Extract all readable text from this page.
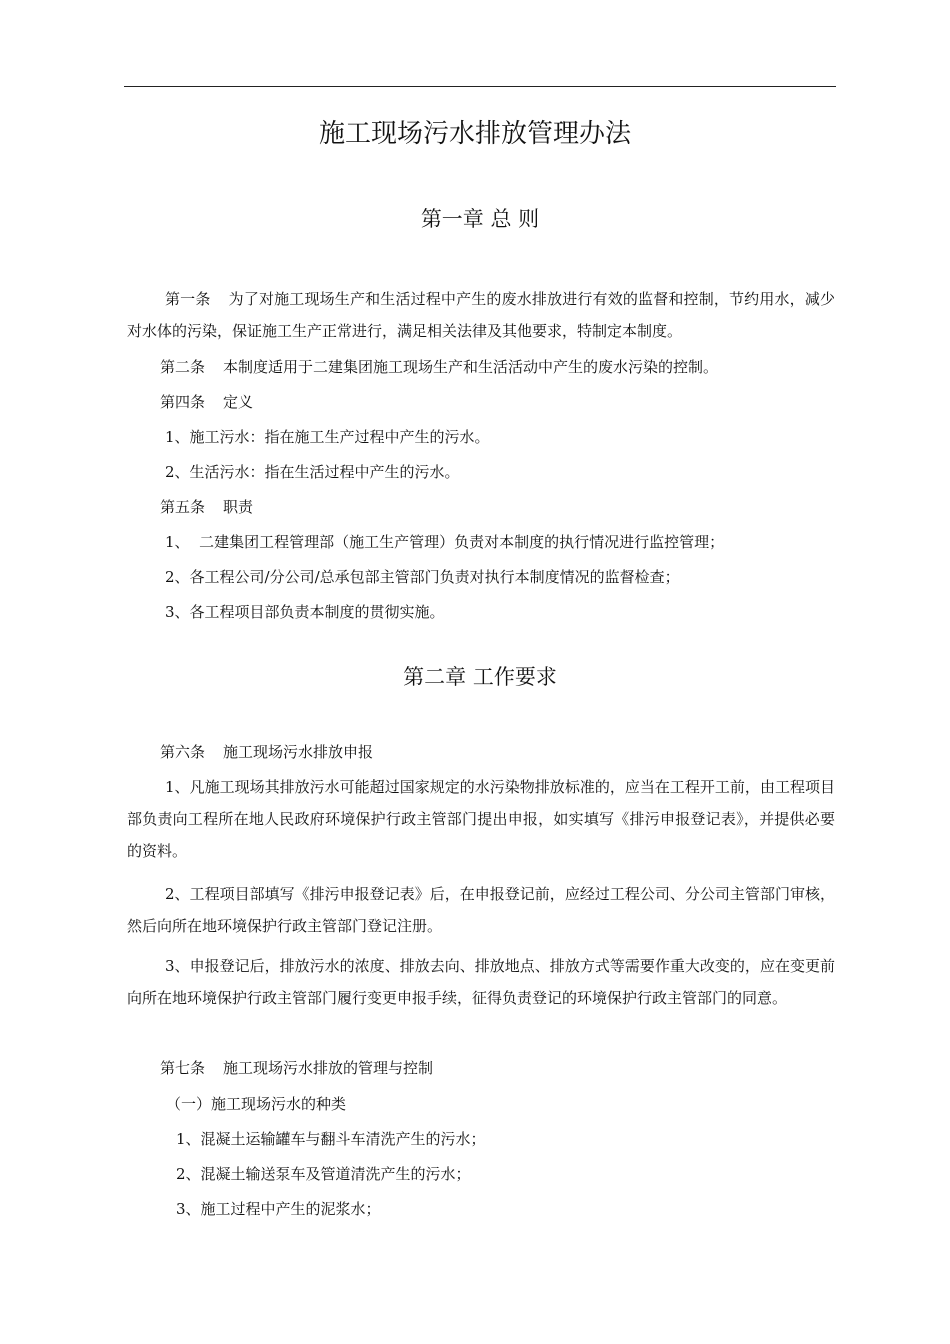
施工现场污水排放管理办法
第一章 总 则
第一条 为了对施工现场生产和生活过程中产生的废水排放进行有效的监督和控制，节约用水，减少对水体的污染，保证施工生产正常进行，满足相关法律及其他要求，特制定本制度。
第二条 本制度适用于二建集团施工现场生产和生活活动中产生的废水污染的控制。
第四条 定义
1、施工污水：指在施工生产过程中产生的污水。
2、生活污水：指在生活过程中产生的污水。
第五条 职责
1、  二建集团工程管理部（施工生产管理）负责对本制度的执行情况进行监控管理；
2、各工程公司/分公司/总承包部主管部门负责对执行本制度情况的监督检查；
3、各工程项目部负责本制度的贯彻实施。
第二章 工作要求
第六条 施工现场污水排放申报
1、凡施工现场其排放污水可能超过国家规定的水污染物排放标准的，应当在工程开工前，由工程项目部负责向工程所在地人民政府环境保护行政主管部门提出申报，如实填写《排污申报登记表》，并提供必要的资料。
2、工程项目部填写《排污申报登记表》后，在申报登记前，应经过工程公司、分公司主管部门审核，然后向所在地环境保护行政主管部门登记注册。
3、申报登记后，排放污水的浓度、排放去向、排放地点、排放方式等需要作重大改变的，应在变更前向所在地环境保护行政主管部门履行变更申报手续，征得负责登记的环境保护行政主管部门的同意。
第七条 施工现场污水排放的管理与控制
（一）施工现场污水的种类
1、混凝土运输罐车与翻斗车清洗产生的污水；
2、混凝土输送泵车及管道清洗产生的污水；
3、施工过程中产生的泥浆水；
